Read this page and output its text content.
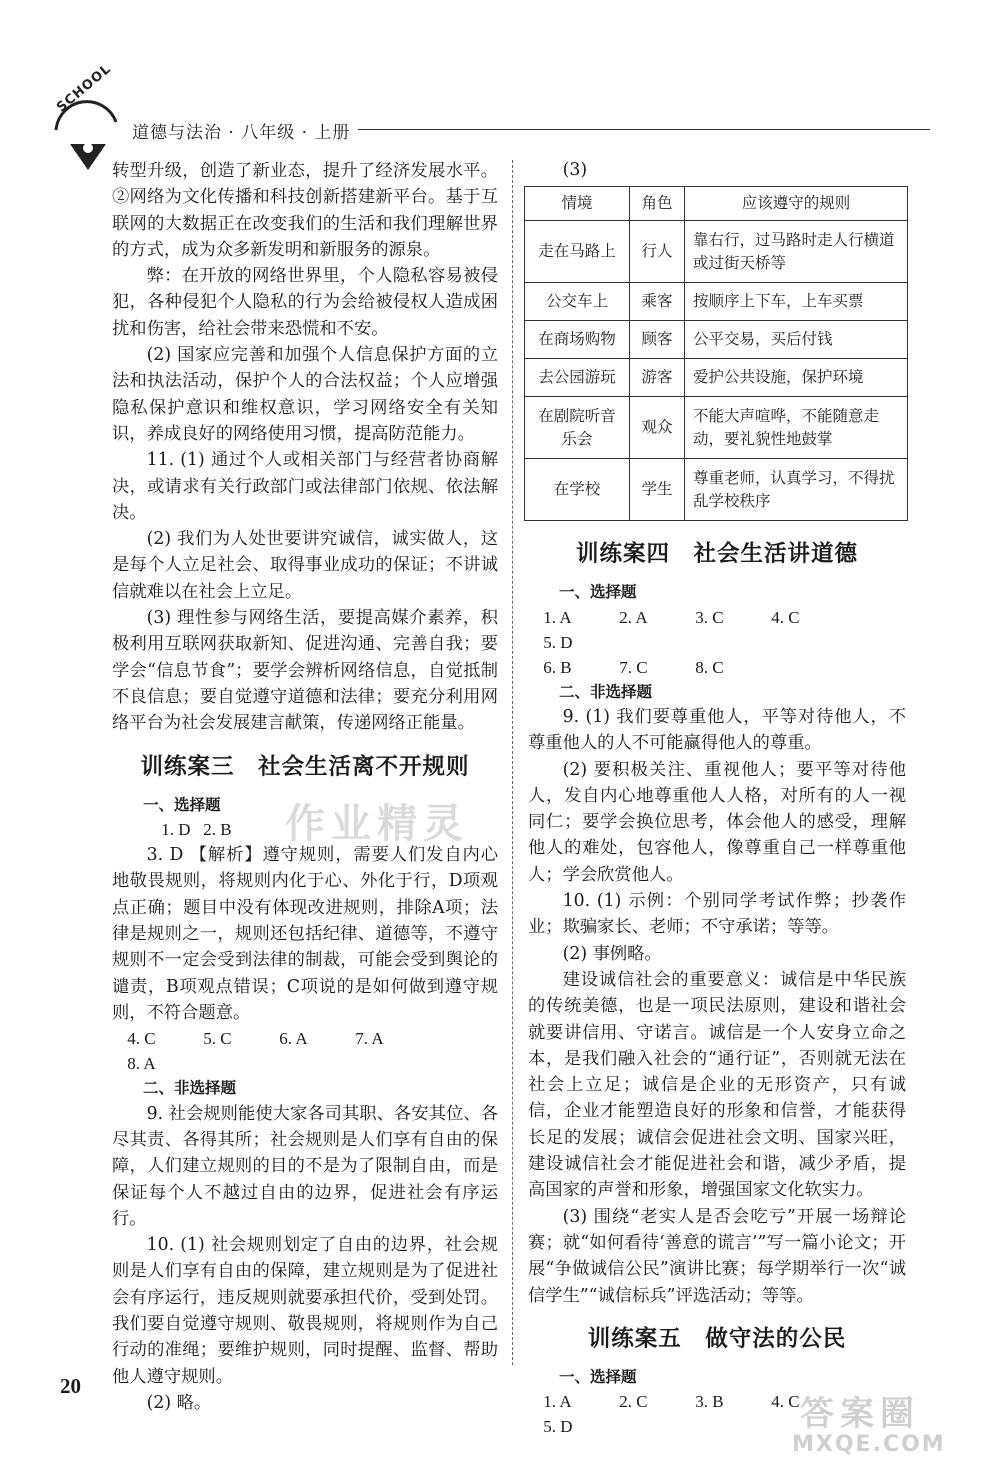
SCHOOL
道德与法治 · 八年级 · 上册

转型升级，创造了新业态，提升了经济发展水平。②网络为文化传播和科技创新搭建新平台。基于互联网的大数据正在改变我们的生活和我们理解世界的方式，成为众多新发明和新服务的源泉。

弊：在开放的网络世界里，个人隐私容易被侵犯，各种侵犯个人隐私的行为会给被侵权人造成困扰和伤害，给社会带来恐慌和不安。

(2) 国家应完善和加强个人信息保护方面的立法和执法活动，保护个人的合法权益；个人应增强隐私保护意识和维权意识，学习网络安全有关知识，养成良好的网络使用习惯，提高防范能力。

11. (1) 通过个人或相关部门与经营者协商解决，或请求有关行政部门或法律部门依规、依法解决。

(2) 我们为人处世要讲究诚信，诚实做人，这是每个人立足社会、取得事业成功的保证；不讲诚信就难以在社会上立足。

(3) 理性参与网络生活，要提高媒介素养，积极利用互联网获取新知、促进沟通、完善自我；要学会“信息节食”；要学会辨析网络信息，自觉抵制不良信息；要自觉遵守道德和法律；要充分利用网络平台为社会发展建言献策，传递网络正能量。

训练案三　社会生活离不开规则

一、选择题

1. D 2. B

3. D 【解析】遵守规则，需要人们发自内心地敬畏规则，将规则内化于心、外化于行，D项观点正确；题目中没有体现改进规则，排除A项；法律是规则之一，规则还包括纪律、道德等，不遵守规则不一定会受到法律的制裁，可能会受到舆论的谴责，B项观点错误；C项说的是如何做到遵守规则，不符合题意。

4. C	5. C	6. A	7. A8. A

二、非选择题

9. 社会规则能使大家各司其职、各安其位、各尽其责、各得其所；社会规则是人们享有自由的保障，人们建立规则的目的不是为了限制自由，而是保证每个人不越过自由的边界，促进社会有序运行。

10. (1) 社会规则划定了自由的边界，社会规则是人们享有自由的保障，建立规则是为了促进社会有序运行，违反规则就要承担代价，受到处罚。我们要自觉遵守规则、敬畏规则，将规则作为自己行动的准绳；要维护规则，同时提醒、监督、帮助他人遵守规则。

(2) 略。

(3)

情境	角色	应该遵守的规则
走在马路上	行人	靠右行，过马路时走人行横道或过街天桥等
公交车上	乘客	按顺序上下车，上车买票
在商场购物	顾客	公平交易，买后付钱
去公园游玩	游客	爱护公共设施，保护环境
在剧院听音乐会	观众	不能大声喧哗，不能随意走动，要礼貌性地鼓掌
在学校	学生	尊重老师，认真学习，不得扰乱学校秩序
训练案四　社会生活讲道德

一、选择题

1. A	2. A	3. C	4. C5. D

6. B	7. C	8. C

二、非选择题

9. (1) 我们要尊重他人，平等对待他人，不尊重他人的人不可能赢得他人的尊重。

(2) 要积极关注、重视他人；要平等对待他人，发自内心地尊重他人人格，对所有的人一视同仁；要学会换位思考，体会他人的感受，理解他人的难处，包容他人，像尊重自己一样尊重他人；学会欣赏他人。

10. (1) 示例：个别同学考试作弊；抄袭作业；欺骗家长、老师；不守承诺；等等。

(2) 事例略。

建设诚信社会的重要意义：诚信是中华民族的传统美德，也是一项民法原则，建设和谐社会就要讲信用、守诺言。诚信是一个人安身立命之本，是我们融入社会的“通行证”，否则就无法在社会上立足；诚信是企业的无形资产，只有诚信，企业才能塑造良好的形象和信誉，才能获得长足的发展；诚信会促进社会文明、国家兴旺，建设诚信社会才能促进社会和谐，减少矛盾，提高国家的声誉和形象，增强国家文化软实力。

(3) 围绕“老实人是否会吃亏”开展一场辩论赛；就“如何看待‘善意的谎言’”写一篇小论文；开展“争做诚信公民”演讲比赛；每学期举行一次“诚信学生”“诚信标兵”评选活动；等等。

训练案五　做守法的公民

一、选择题

1. A	2. C	3. B	4. C5. D

20
作业精灵
答案圈
MXQE.COM
